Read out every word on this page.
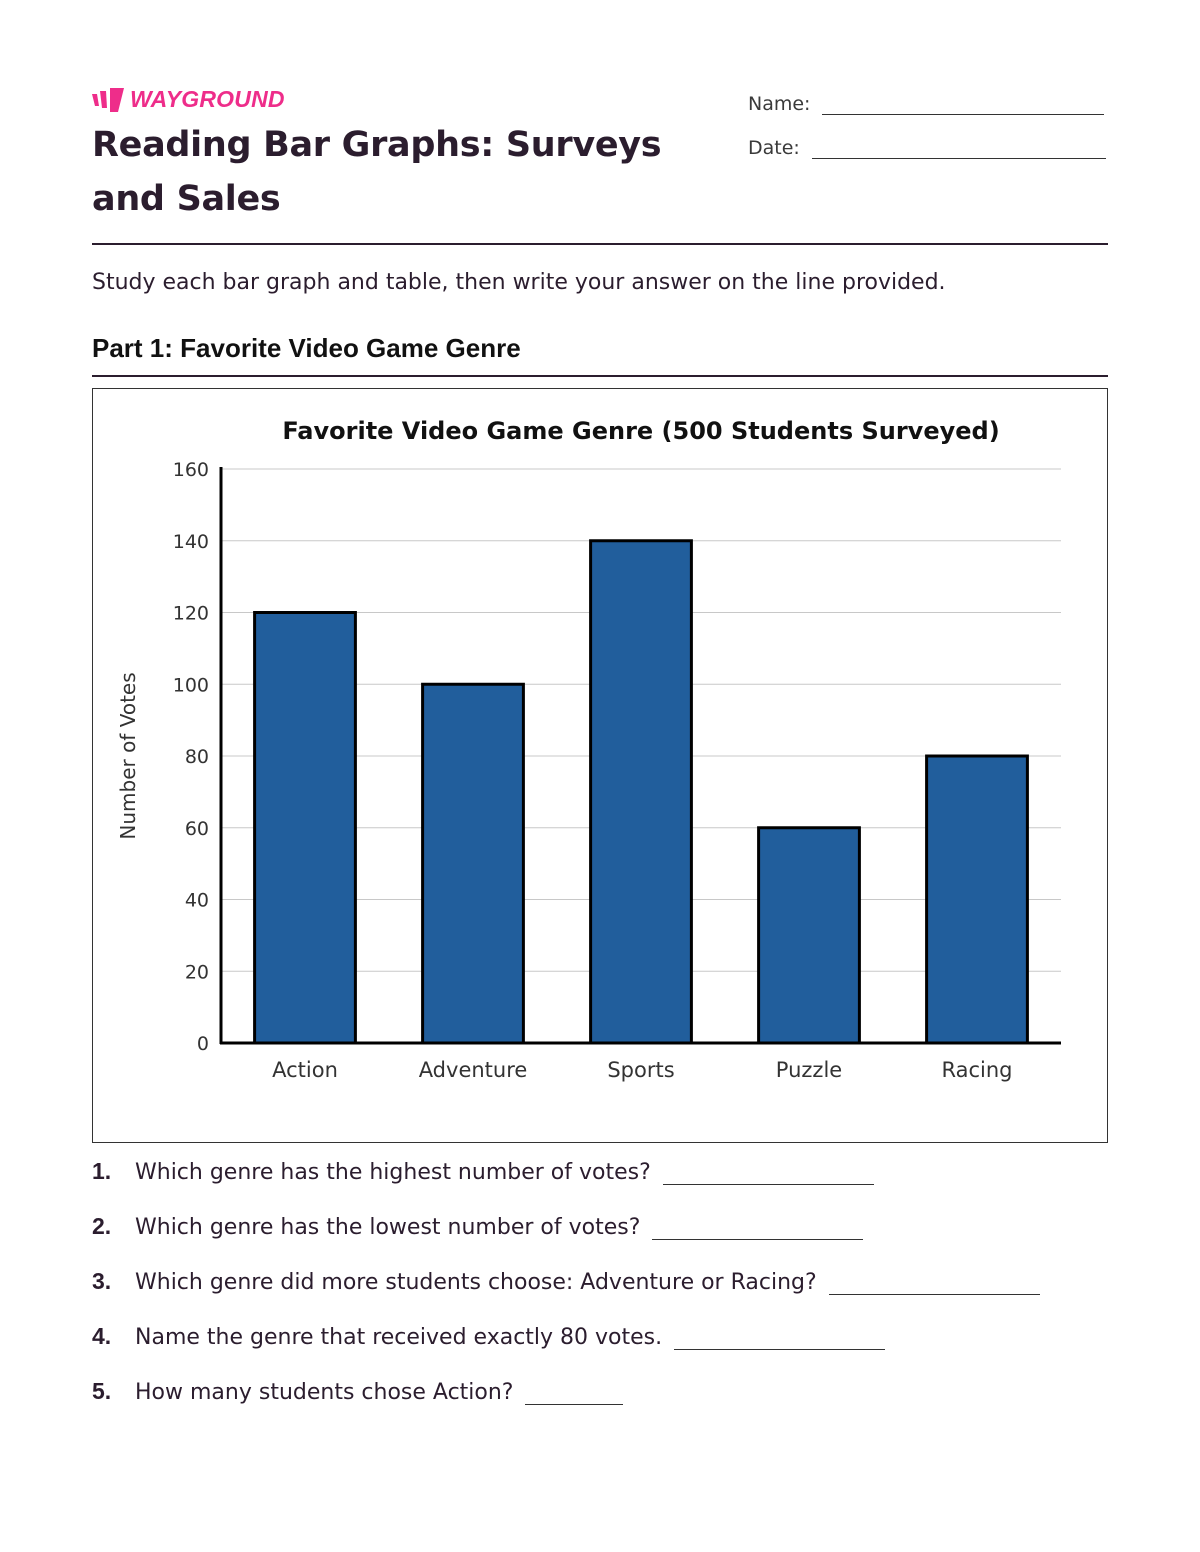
WAYGROUND
Reading Bar Graphs: Surveys and Sales
Name:
Date:

Study each bar graph and table, then write your answer on the line provided.

Part 1: Favorite Video Game Genre
Favorite Video Game Genre (500 Students Surveyed)
Number of Votes
0
20
40
60
80
100
120
140
160
Action	Adventure	Sports	Puzzle	Racing
1.	Which genre has the highest number of votes?
2.	Which genre has the lowest number of votes?
3.	Which genre did more students choose: Adventure or Racing?
4.	Name the genre that received exactly 80 votes.
5.	How many students chose Action?
